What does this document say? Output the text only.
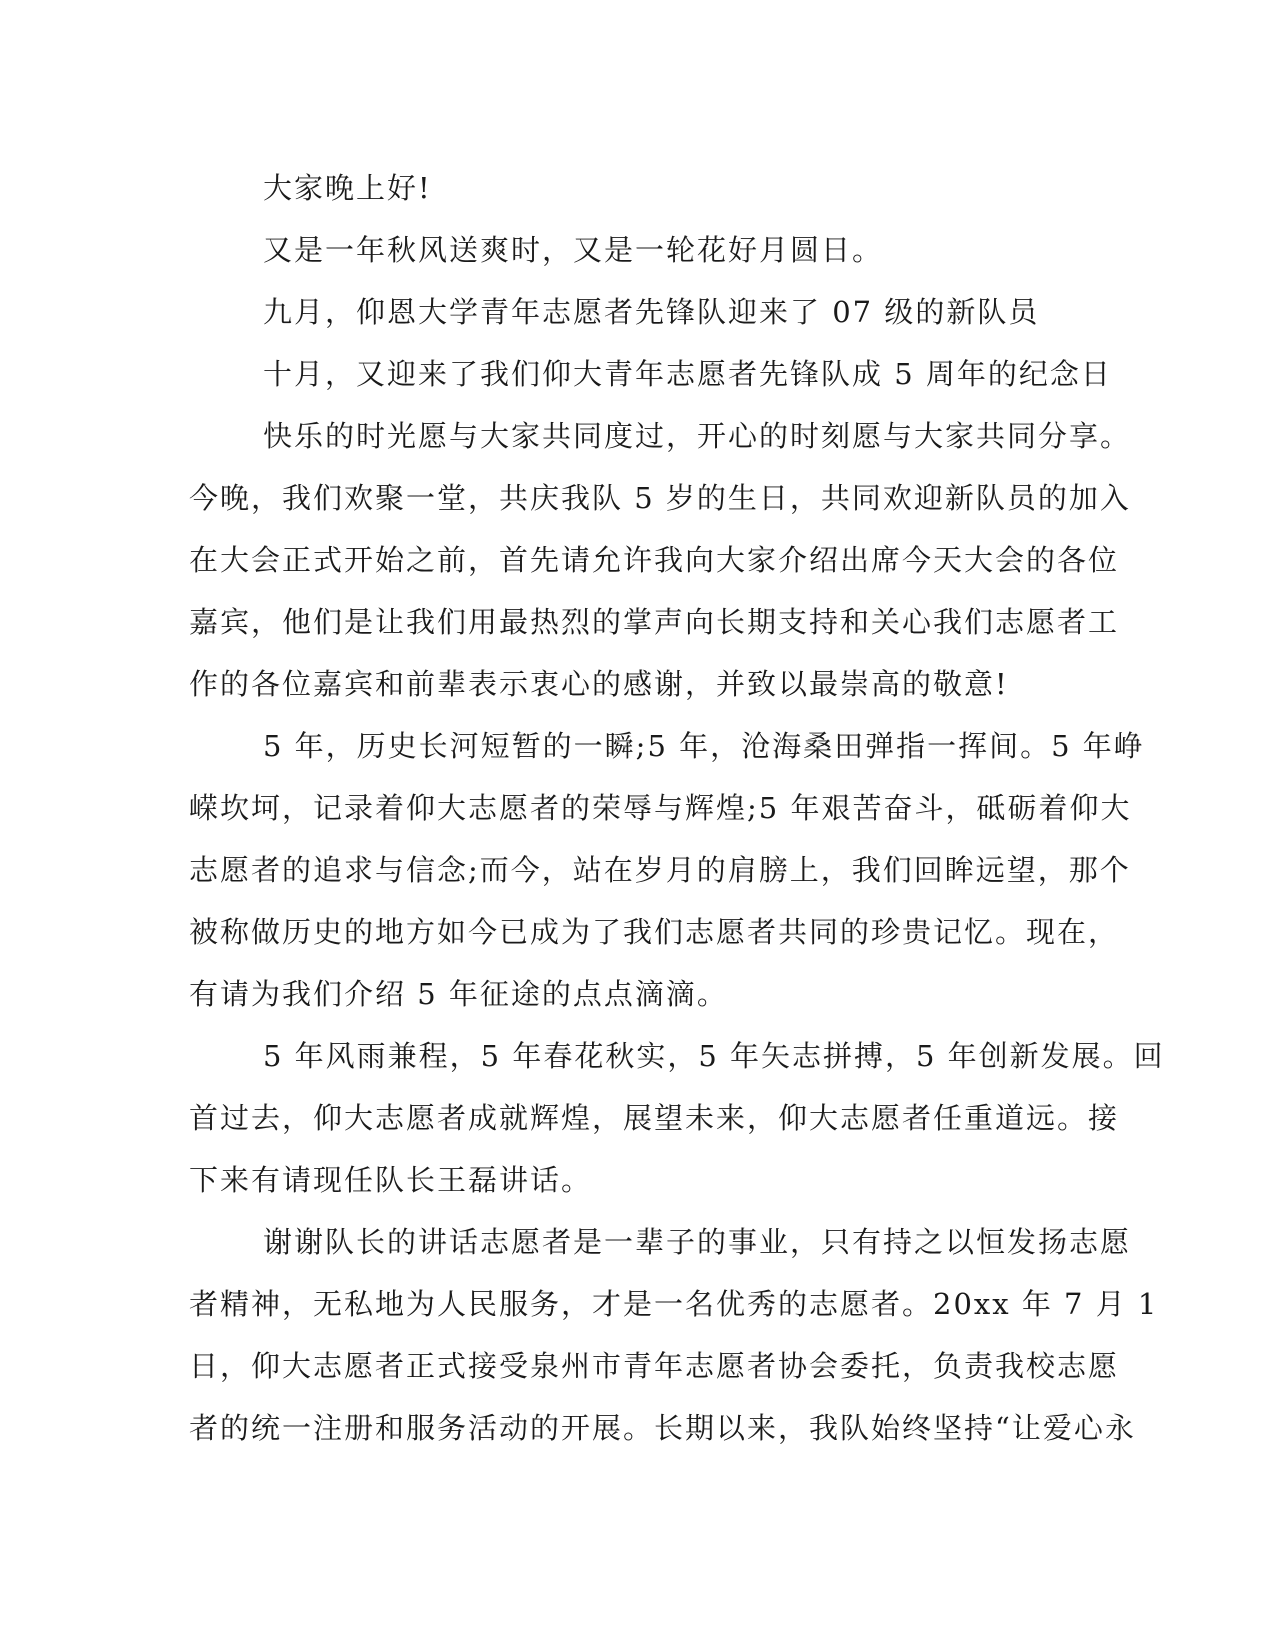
大家晚上好!
又是一年秋风送爽时，又是一轮花好月圆日。
九月，仰恩大学青年志愿者先锋队迎来了 07 级的新队员
十月，又迎来了我们仰大青年志愿者先锋队成 5 周年的纪念日
快乐的时光愿与大家共同度过，开心的时刻愿与大家共同分享。
今晚，我们欢聚一堂，共庆我队 5 岁的生日，共同欢迎新队员的加入
在大会正式开始之前，首先请允许我向大家介绍出席今天大会的各位
嘉宾，他们是让我们用最热烈的掌声向长期支持和关心我们志愿者工
作的各位嘉宾和前辈表示衷心的感谢，并致以最崇高的敬意!
5 年，历史长河短暂的一瞬;5 年，沧海桑田弹指一挥间。5 年峥
嵘坎坷，记录着仰大志愿者的荣辱与辉煌;5 年艰苦奋斗，砥砺着仰大
志愿者的追求与信念;而今，站在岁月的肩膀上，我们回眸远望，那个
被称做历史的地方如今已成为了我们志愿者共同的珍贵记忆。现在，
有请为我们介绍 5 年征途的点点滴滴。
5 年风雨兼程，5 年春花秋实，5 年矢志拼搏，5 年创新发展。回
首过去，仰大志愿者成就辉煌，展望未来，仰大志愿者任重道远。接
下来有请现任队长王磊讲话。
谢谢队长的讲话志愿者是一辈子的事业，只有持之以恒发扬志愿
者精神，无私地为人民服务，才是一名优秀的志愿者。20xx 年 7 月 1
日，仰大志愿者正式接受泉州市青年志愿者协会委托，负责我校志愿
者的统一注册和服务活动的开展。长期以来，我队始终坚持“让爱心永
